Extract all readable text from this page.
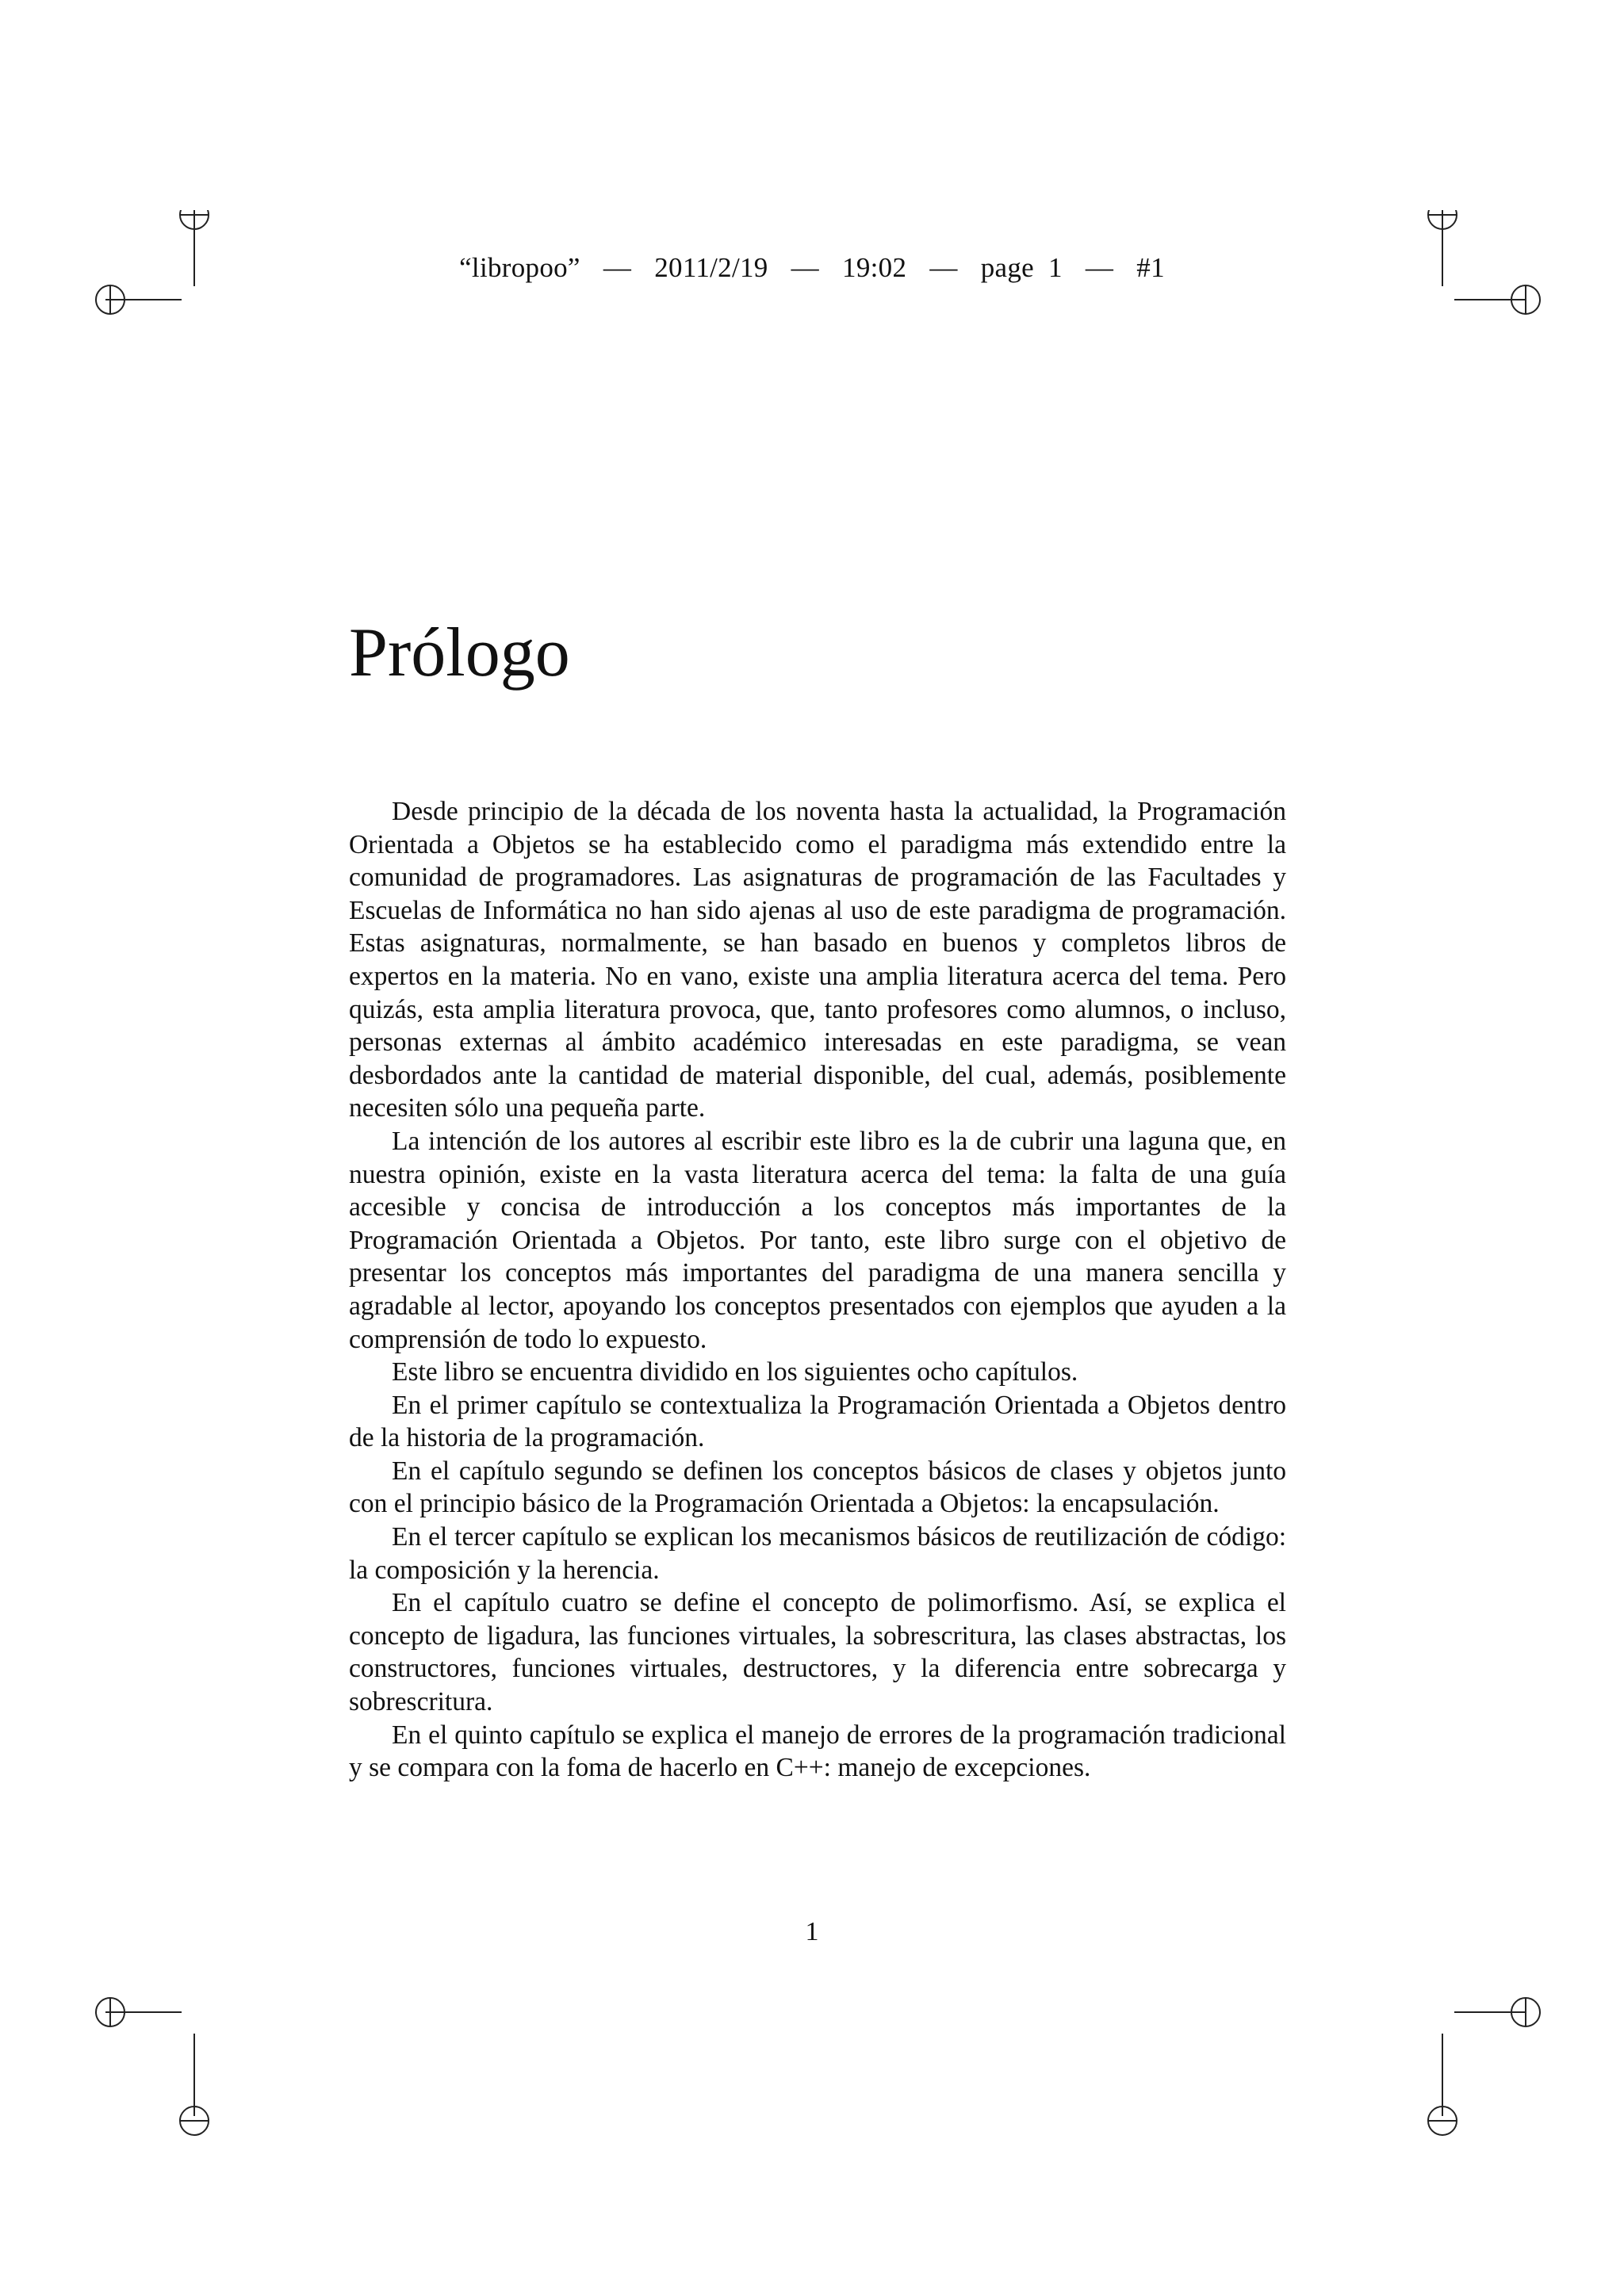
“libropoo” — 2011/2/19 — 19:02 — page  1 — #1
Prólogo

Desde principio de la década de los noventa hasta la actualidad, la Programación Orientada a Objetos se ha establecido como el paradigma más extendido entre la comunidad de programadores. Las asignaturas de programación de las Facultades y Escuelas de Informática no han sido ajenas al uso de este paradigma de programación. Estas asignaturas, normalmente, se han basado en buenos y completos libros de expertos en la materia. No en vano, existe una amplia literatura acerca del tema. Pero quizás, esta amplia literatura provoca, que, tanto profesores como alumnos, o incluso, personas externas al ámbito académico interesadas en este paradigma, se vean desbordados ante la cantidad de material disponible, del cual, además, posiblemente necesiten sólo una pequeña parte.

La intención de los autores al escribir este libro es la de cubrir una laguna que, en nuestra opinión, existe en la vasta literatura acerca del tema: la falta de una guía accesible y concisa de introducción a los conceptos más importantes de la Programación Orientada a Objetos. Por tanto, este libro surge con el objetivo de presentar los conceptos más importantes del paradigma de una manera sencilla y agradable al lector, apoyando los conceptos presentados con ejemplos que ayuden a la comprensión de todo lo expuesto.

Este libro se encuentra dividido en los siguientes ocho capítulos.

En el primer capítulo se contextualiza la Programación Orientada a Objetos dentro de la historia de la programación.

En el capítulo segundo se definen los conceptos básicos de clases y objetos junto con el principio básico de la Programación Orientada a Objetos: la encapsulación.

En el tercer capítulo se explican los mecanismos básicos de reutilización de código: la composición y la herencia.

En el capítulo cuatro se define el concepto de polimorfismo. Así, se explica el concepto de ligadura, las funciones virtuales, la sobrescritura, las clases abstractas, los constructores, funciones virtuales, destructores, y la diferencia entre sobrecarga y sobrescritura.

En el quinto capítulo se explica el manejo de errores de la programación tradicional y se compara con la foma de hacerlo en C++: manejo de excepciones.

1
